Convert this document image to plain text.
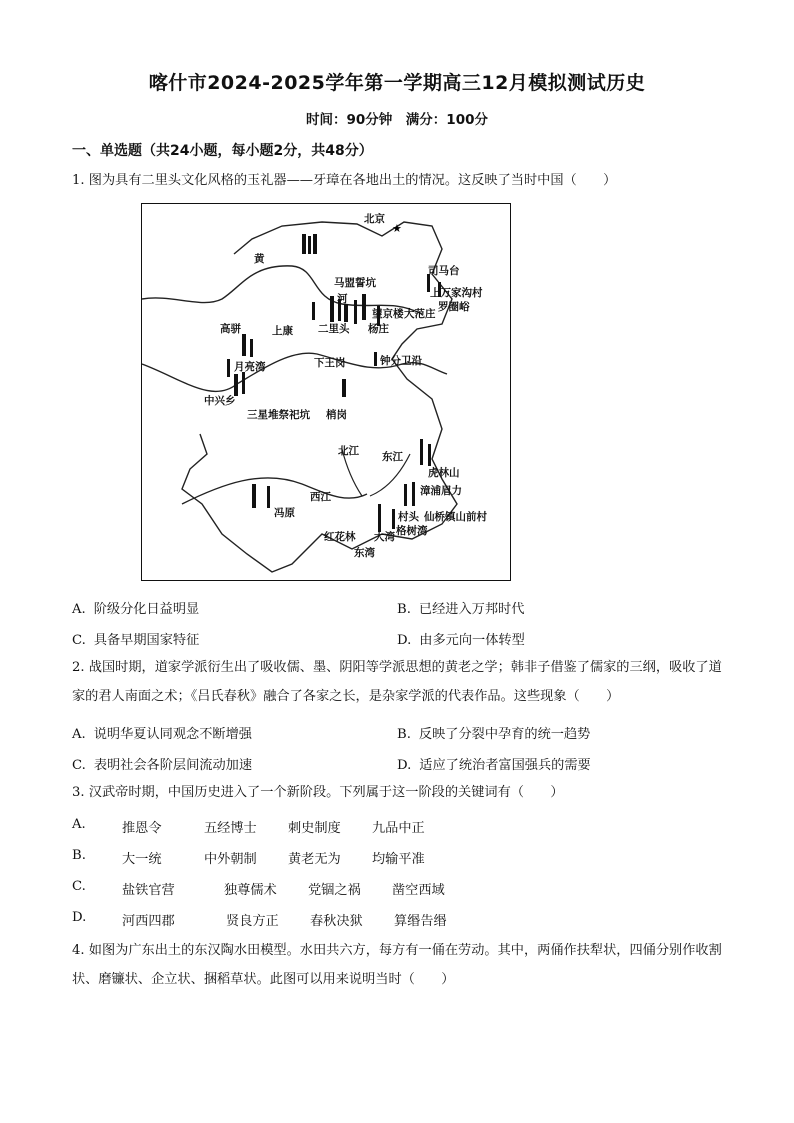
喀什市2024-2025学年第一学期高三12月模拟测试历史
时间：90分钟　满分：100分
一、单选题（共24小题，每小题2分，共48分）
1. 图为具有二里头文化风格的玉礼器——牙璋在各地出土的情况。这反映了当时中国（　　）
★
北京
黄
马盟誓坑
河
司马台
上万家沟村
罗圈峪
望京楼 大范庄
杨庄
二里头
高骈	上康
月亮湾	下王岗	钟分卫沿
中兴乡
三星堆祭祀坑 梢岗
北江 东江
虎林山
漳浦眉力
西江
冯原	村头 仙桥镇山前村
格树湾
红花林 大湾
东湾
A. 阶级分化日益明显	B. 已经进入万邦时代
C. 具备早期国家特征	D. 由多元向一体转型
2. 战国时期，道家学派衍生出了吸收儒、墨、阴阳等学派思想的黄老之学；韩非子借鉴了儒家的三纲，吸收了道家的君人南面之术；《吕氏春秋》融合了各家之长，是杂家学派的代表作品。这些现象（　　）
A. 说明华夏认同观念不断增强	B. 反映了分裂中孕育的统一趋势
C. 表明社会各阶层间流动加速	D. 适应了统治者富国强兵的需要
3. 汉武帝时期，中国历史进入了一个新阶段。下列属于这一阶段的关键词有（　　）
A.	推恩令	五经博士	刺史制度	九品中正
B.	大一统	中外朝制	黄老无为	均输平准
C.	盐铁官营	独尊儒术	党锢之祸	凿空西域
D.	河西四郡	贤良方正	春秋决狱	算缗告缗
4. 如图为广东出土的东汉陶水田模型。水田共六方，每方有一俑在劳动。其中，两俑作扶犁状，四俑分别作收割状、磨镰状、企立状、捆稻草状。此图可以用来说明当时（　　）
